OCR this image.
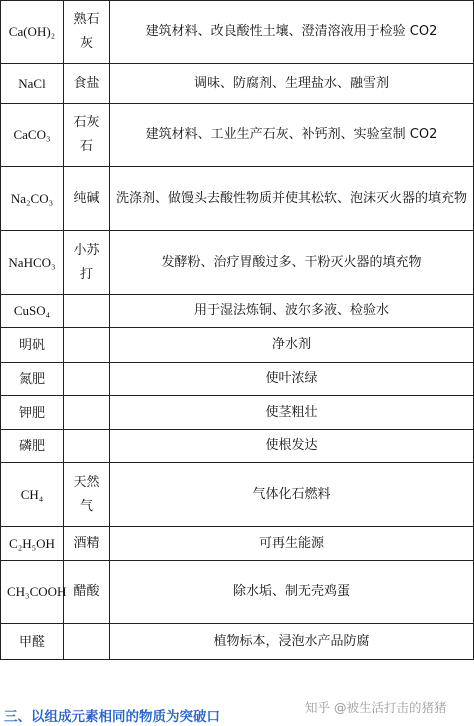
Ca(OH)₂	熟石灰	建筑材料、改良酸性土壤、澄清溶液用于检验 CO2
NaCl	食盐	调味、防腐剂、生理盐水、融雪剂
CaCO₃	石灰石	建筑材料、工业生产石灰、补钙剂、实验室制 CO2
Na₂CO₃	纯碱	洗涤剂、做馒头去酸性物质并使其松软、泡沫灭火器的填充物
NaHCO₃	小苏打	发酵粉、治疗胃酸过多、干粉灭火器的填充物
CuSO₄		用于湿法炼铜、波尔多液、检验水
明矾		净水剂
氮肥		使叶浓绿
钾肥		使茎粗壮
磷肥		使根发达
CH₄	天然气	气体化石燃料
C₂H₅OH	酒精	可再生能源
CH₃COOH	醋酸	除水垢、制无壳鸡蛋
甲醛		植物标本，浸泡水产品防腐
知乎 @被生活打击的猪猪
三、以组成元素相同的物质为突破口
